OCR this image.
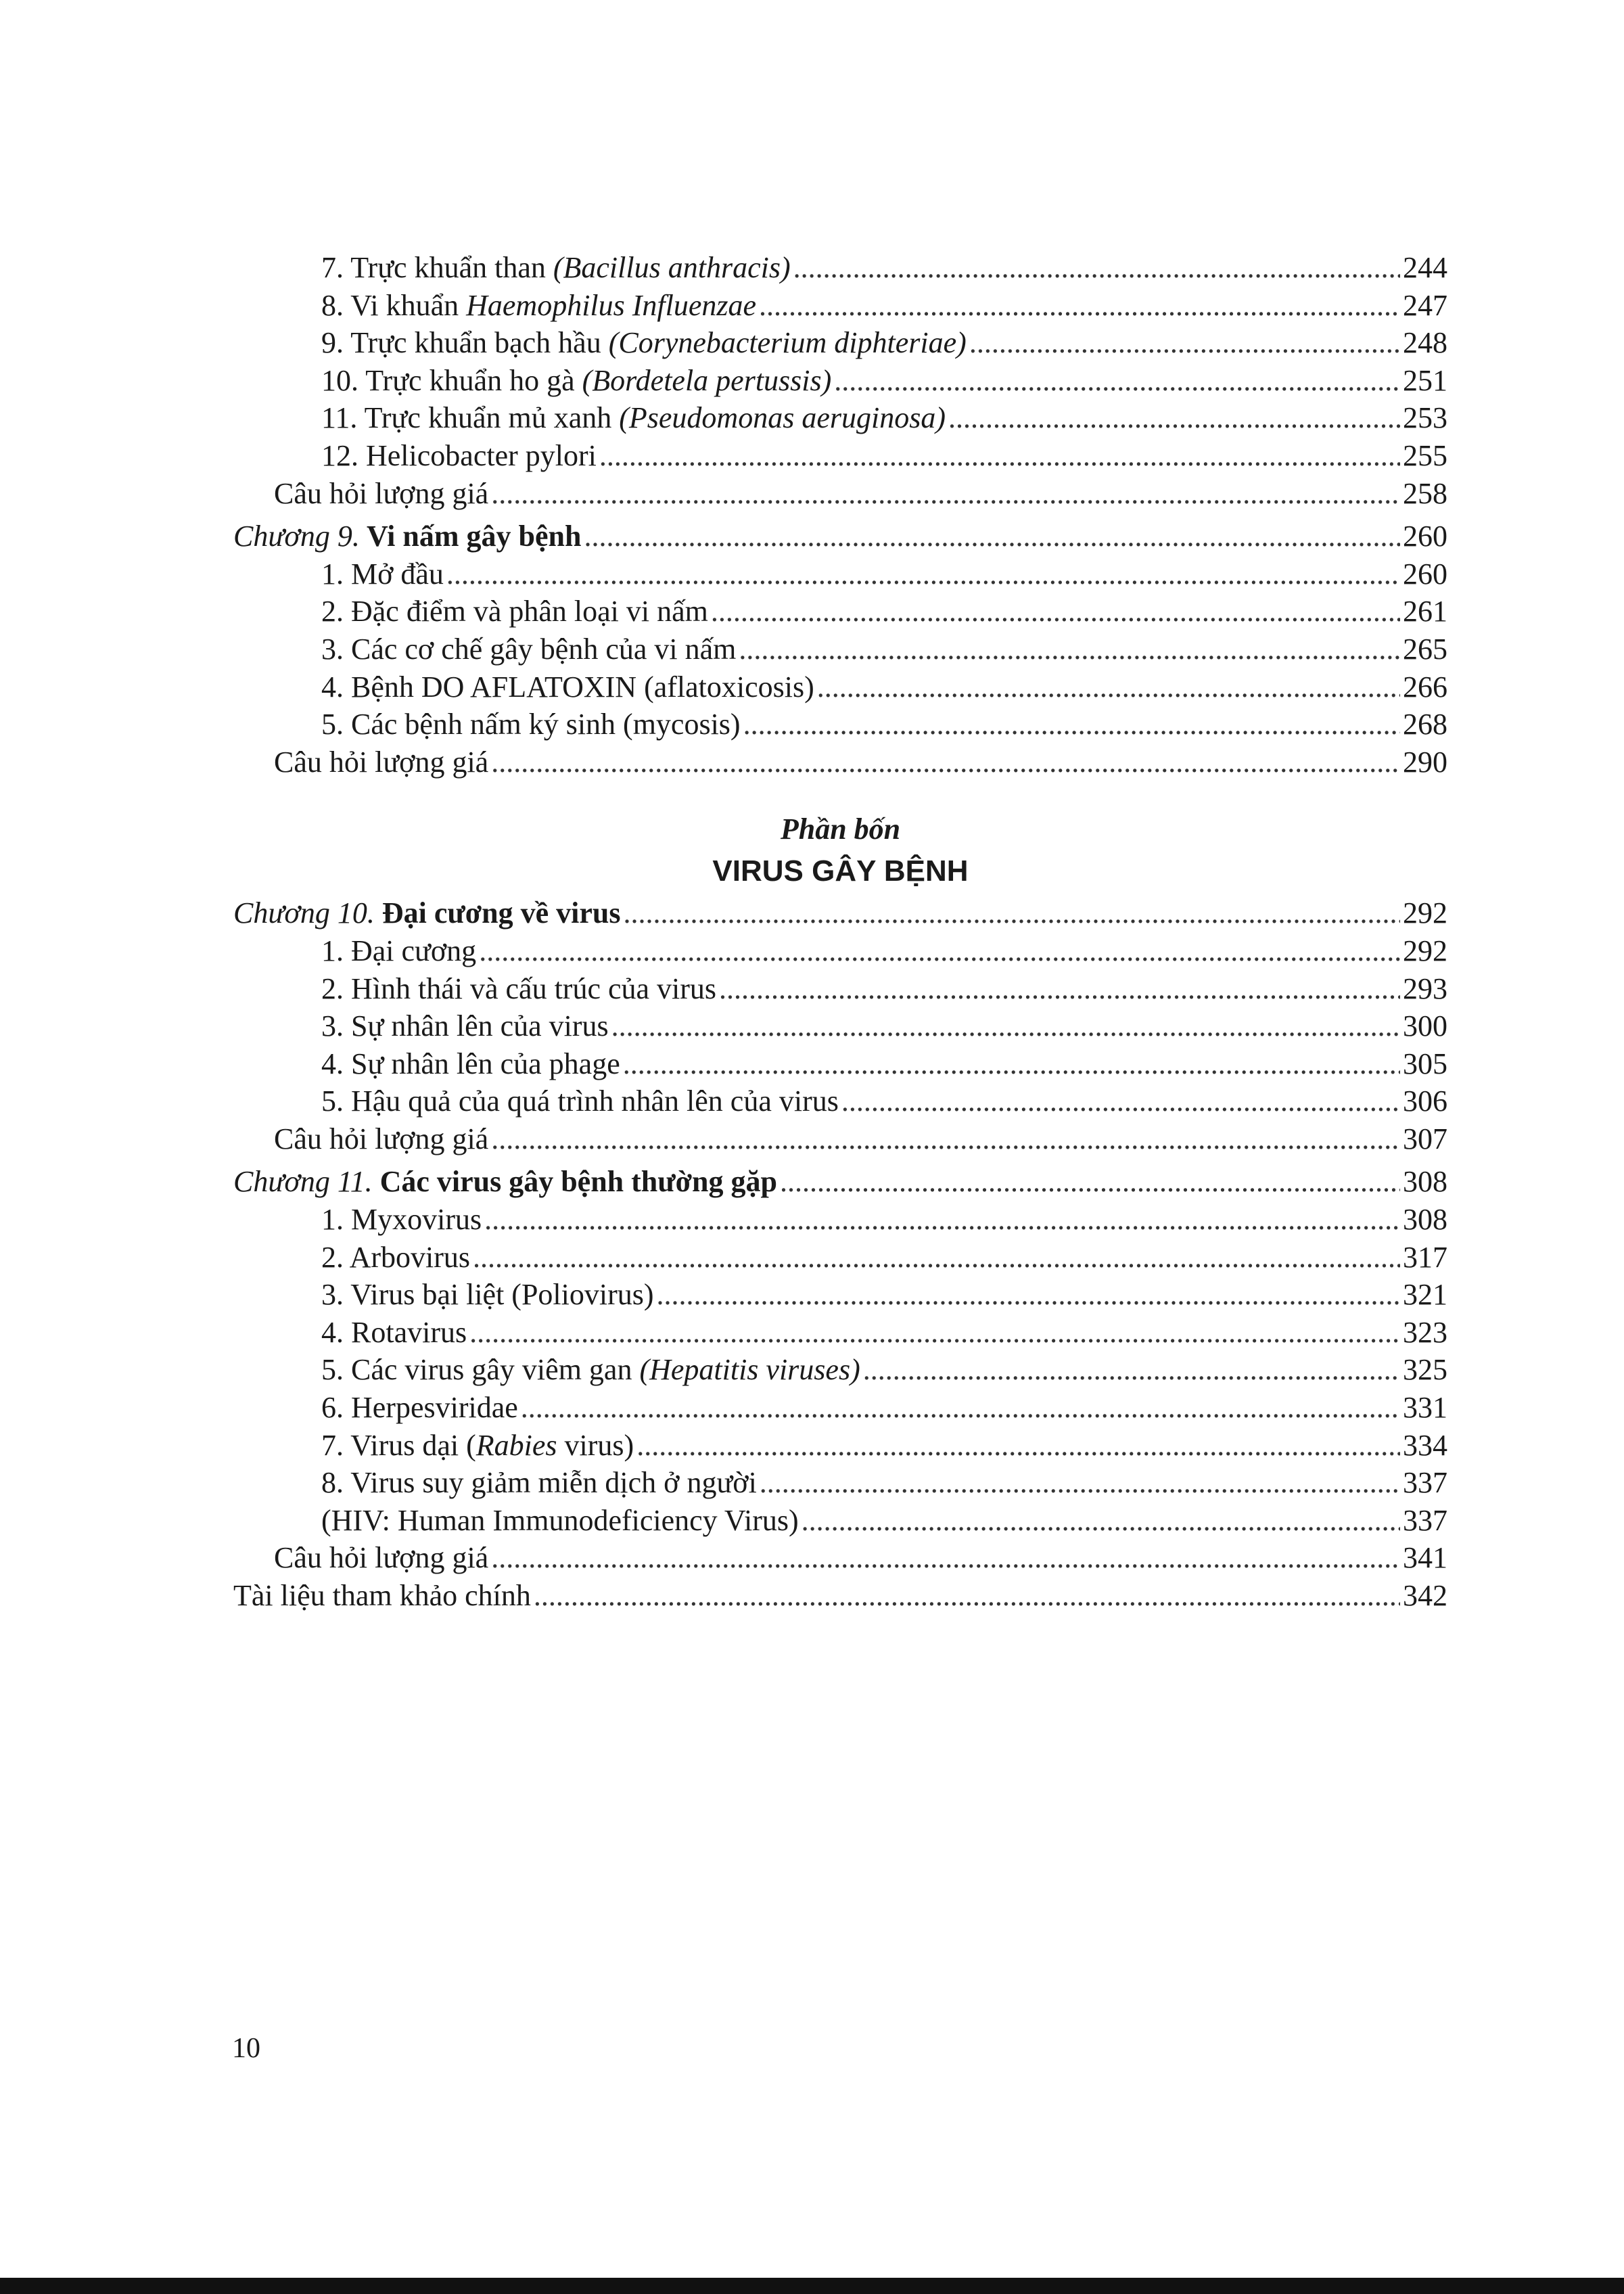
7. Trực khuẩn than (Bacillus anthracis) .....	244
8. Vi khuẩn Haemophilus Influenzae .....	247
9. Trực khuẩn bạch hầu (Corynebacterium diphteriae) .....	248
10. Trực khuẩn ho gà (Bordetela pertussis) .....	251
11. Trực khuẩn mủ xanh (Pseudomonas aeruginosa) .....	253
12. Helicobacter pylori .....	255
Câu hỏi lượng giá .....	258
Chương 9. Vi nấm gây bệnh .....	260
1. Mở đầu .....	260
2. Đặc điểm và phân loại vi nấm .....	261
3. Các cơ chế gây bệnh của vi nấm .....	265
4. Bệnh DO AFLATOXIN (aflatoxicosis) .....	266
5. Các bệnh nấm ký sinh (mycosis) .....	268
Câu hỏi lượng giá .....	290
Phần bốn
VIRUS GÂY BỆNH
Chương 10. Đại cương về virus .....	292
1. Đại cương .....	292
2. Hình thái và cấu trúc của virus .....	293
3. Sự nhân lên của virus .....	300
4. Sự nhân lên của phage .....	305
5. Hậu quả của quá trình nhân lên của virus .....	306
Câu hỏi lượng giá .....	307
Chương 11. Các virus gây bệnh thường gặp .....	308
1. Myxovirus .....	308
2. Arbovirus .....	317
3. Virus bại liệt (Poliovirus) .....	321
4. Rotavirus .....	323
5. Các virus gây viêm gan (Hepatitis viruses) .....	325
6. Herpesviridae .....	331
7. Virus dại (Rabies virus) .....	334
8. Virus suy giảm miễn dịch ở người .....	337
(HIV: Human Immunodeficiency Virus) .....	337
Câu hỏi lượng giá .....	341
Tài liệu tham khảo chính .....	342
10
